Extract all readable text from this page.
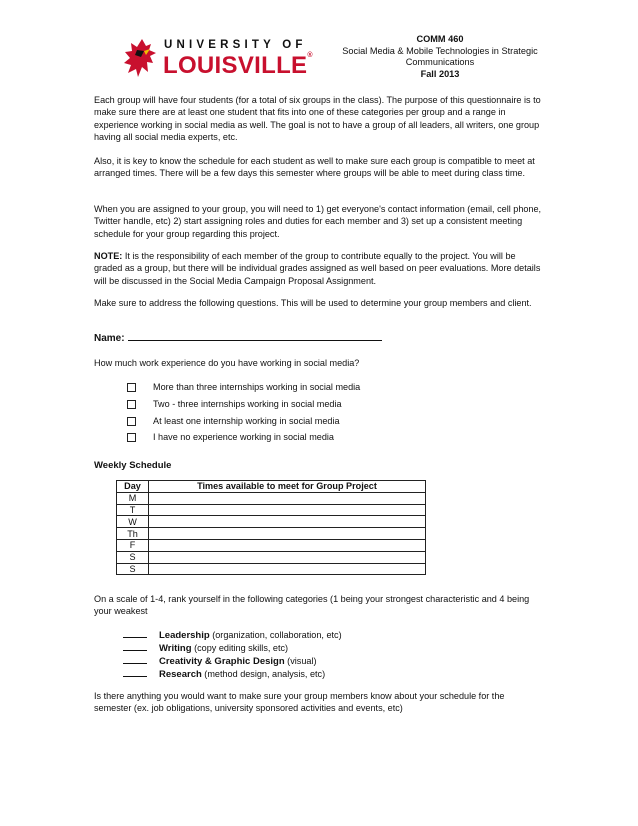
UNIVERSITY OF
LOUISVILLE®
COMM 460
Social Media & Mobile Technologies in Strategic
Communications
Fall 2013
Each group will have four students (for a total of six groups in the class). The purpose of this questionnaire is to make sure there are at least one student that fits into one of these categories per group and a range in experience working in social media as well. The goal is not to have a group of all leaders, all writers, one group having all social media experts, etc.
Also, it is key to know the schedule for each student as well to make sure each group is compatible to meet at arranged times. There will be a few days this semester where groups will be able to meet during class time.
When you are assigned to your group, you will need to 1) get everyone's contact information (email, cell phone, Twitter handle, etc) 2) start assigning roles and duties for each member and 3) set up a consistent meeting schedule for your group regarding this project.
NOTE: It is the responsibility of each member of the group to contribute equally to the project. You will be graded as a group, but there will be individual grades assigned as well based on peer evaluations. More details will be discussed in the Social Media Campaign Proposal Assignment.
Make sure to address the following questions. This will be used to determine your group members and client.
Name:
How much work experience do you have working in social media?
More than three internships working in social media
Two - three internships working in social media
At least one internship working in social media
I have no experience working in social media
Weekly Schedule
Day	Times available to meet for Group Project
M	
T	
W	
Th	
F	
S	
S	
On a scale of 1-4, rank yourself in the following categories (1 being your strongest characteristic and 4 being your weakest
Leadership (organization, collaboration, etc)
Writing (copy editing skills, etc)
Creativity & Graphic Design (visual)
Research (method design, analysis, etc)
Is there anything you would want to make sure your group members know about your schedule for the semester (ex. job obligations, university sponsored activities and events, etc)
